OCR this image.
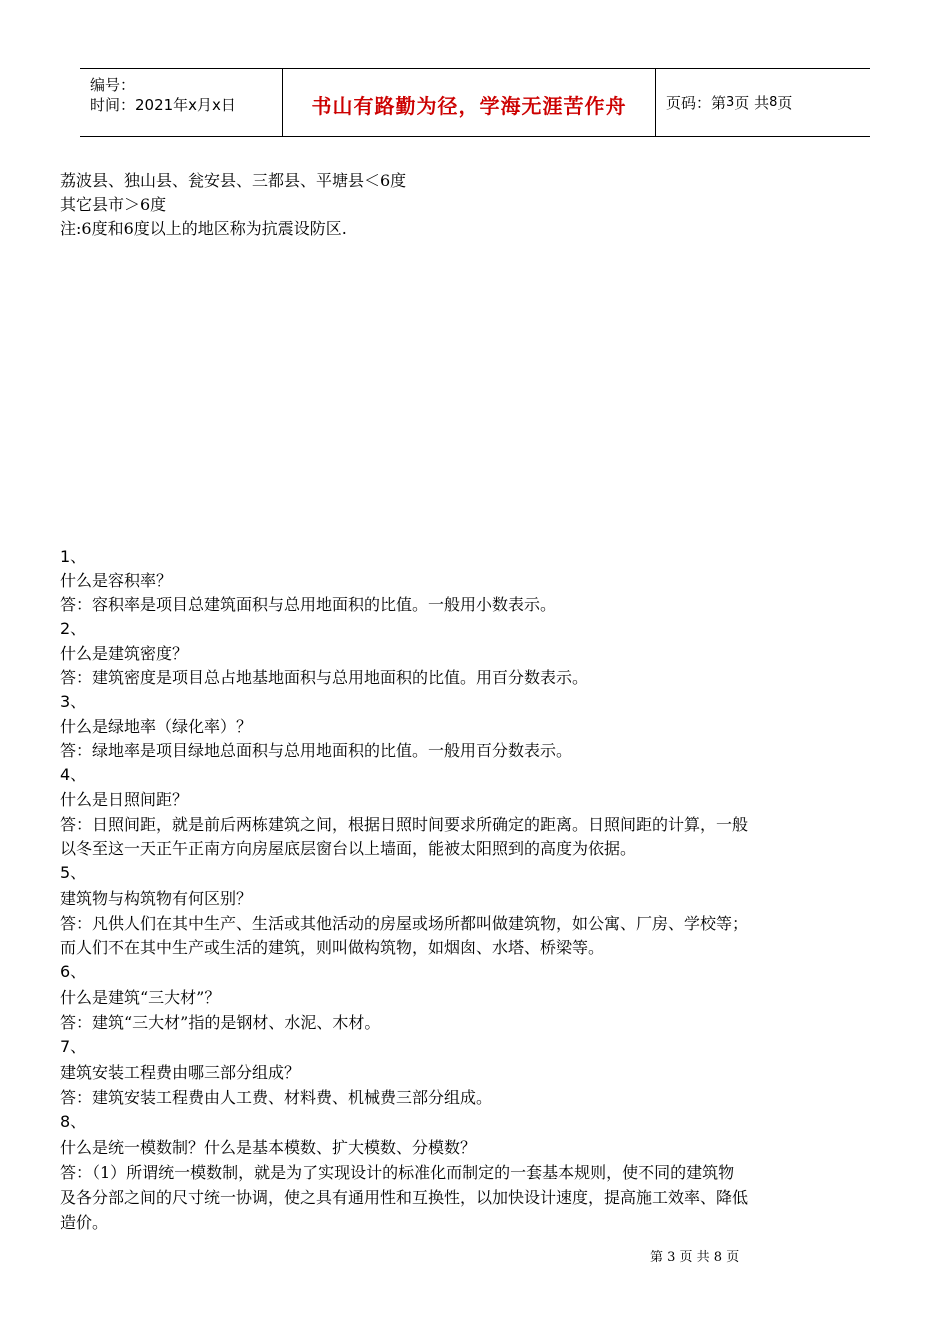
编号：
时间：2021年x月x日	书山有路勤为径，学海无涯苦作舟	页码：第 3 页 共 8 页
荔波县、独山县、瓮安县、三都县、平塘县＜6度
其它县市＞6度
注:6度和6度以上的地区称为抗震设防区.
1、
什么是容积率？
答：容积率是项目总建筑面积与总用地面积的比值。一般用小数表示。
2、
什么是建筑密度？
答：建筑密度是项目总占地基地面积与总用地面积的比值。用百分数表示。
3、
什么是绿地率（绿化率）？
答：绿地率是项目绿地总面积与总用地面积的比值。一般用百分数表示。
4、
什么是日照间距？
答：日照间距，就是前后两栋建筑之间，根据日照时间要求所确定的距离。日照间距的计算，一般
以冬至这一天正午正南方向房屋底层窗台以上墙面，能被太阳照到的高度为依据。
5、
建筑物与构筑物有何区别？
答：凡供人们在其中生产、生活或其他活动的房屋或场所都叫做建筑物，如公寓、厂房、学校等；
而人们不在其中生产或生活的建筑，则叫做构筑物，如烟囱、水塔、桥梁等。
6、
什么是建筑“三大材”？
答：建筑“三大材”指的是钢材、水泥、木材。
7、
建筑安装工程费由哪三部分组成？
答：建筑安装工程费由人工费、材料费、机械费三部分组成。
8、
什么是统一模数制？什么是基本模数、扩大模数、分模数？
答：（1）所谓统一模数制，就是为了实现设计的标准化而制定的一套基本规则，使不同的建筑物
及各分部之间的尺寸统一协调，使之具有通用性和互换性，以加快设计速度，提高施工效率、降低
造价。
第 3 页 共 8 页
